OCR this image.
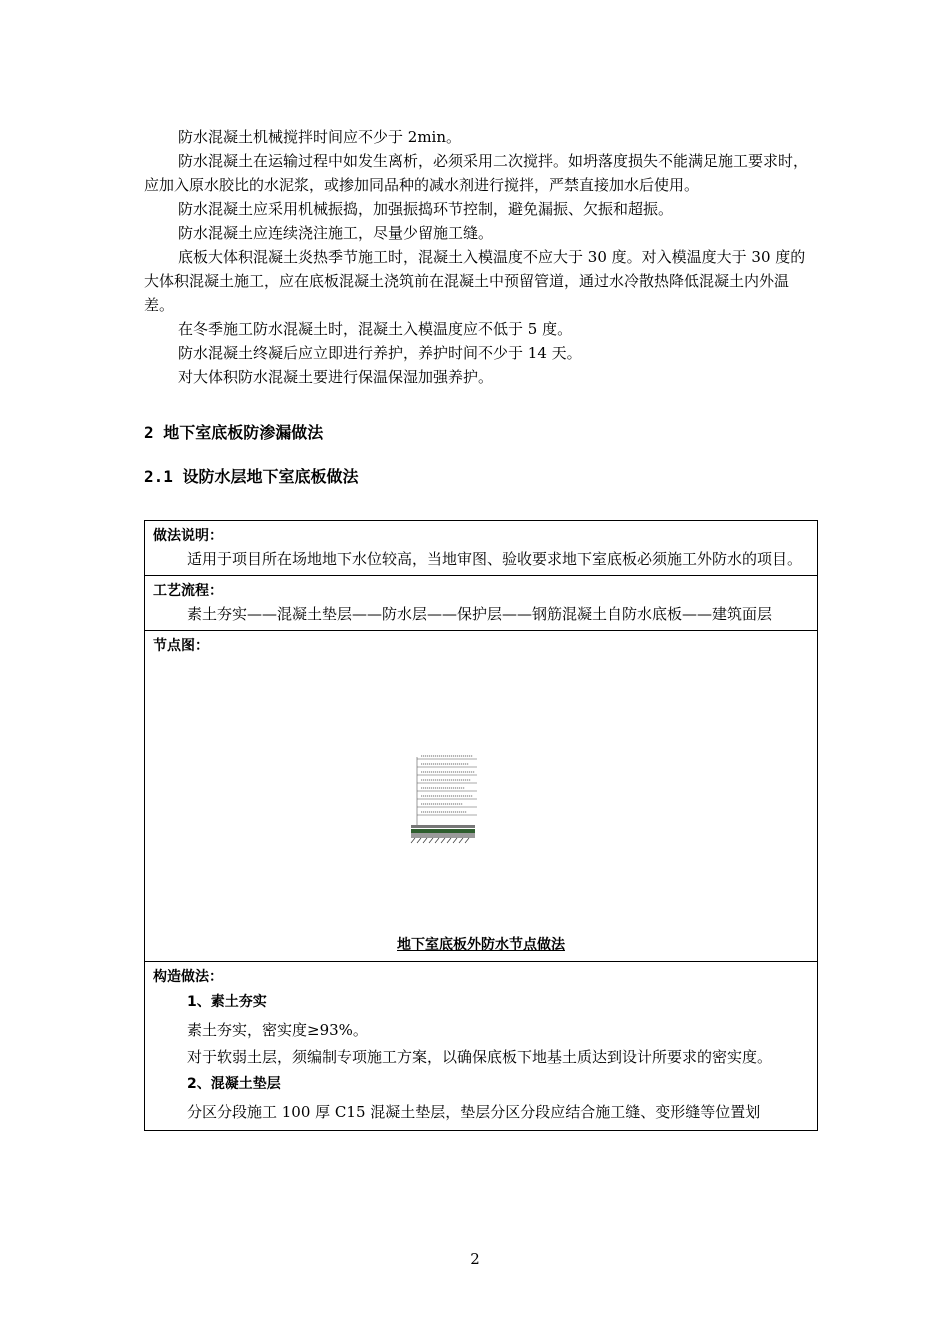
防水混凝土机械搅拌时间应不少于 2min。

防水混凝土在运输过程中如发生离析，必须采用二次搅拌。如坍落度损失不能满足施工要求时，应加入原水胶比的水泥浆，或掺加同品种的减水剂进行搅拌，严禁直接加水后使用。

防水混凝土应采用机械振捣，加强振捣环节控制，避免漏振、欠振和超振。

防水混凝土应连续浇注施工，尽量少留施工缝。

底板大体积混凝土炎热季节施工时，混凝土入模温度不应大于 30 度。对入模温度大于 30 度的大体积混凝土施工，应在底板混凝土浇筑前在混凝土中预留管道，通过水冷散热降低混凝土内外温差。

在冬季施工防水混凝土时，混凝土入模温度应不低于 5 度。

防水混凝土终凝后应立即进行养护，养护时间不少于 14 天。

对大体积防水混凝土要进行保温保湿加强养护。

2 地下室底板防渗漏做法
2.1 设防水层地下室底板做法
做法说明：

适用于项目所在场地地下水位较高，当地审图、验收要求地下室底板必须施工外防水的项目。

工艺流程：

素土夯实——混凝土垫层——防水层——保护层——钢筋混凝土自防水底板——建筑面层

节点图：
地下室底板外防水节点做法

构造做法：
1、素土夯实

素土夯实，密实度≥93%。

对于软弱土层，须编制专项施工方案，以确保底板下地基土质达到设计所要求的密实度。

2、混凝土垫层

分区分段施工 100 厚 C15 混凝土垫层，垫层分区分段应结合施工缝、变形缝等位置划

2
